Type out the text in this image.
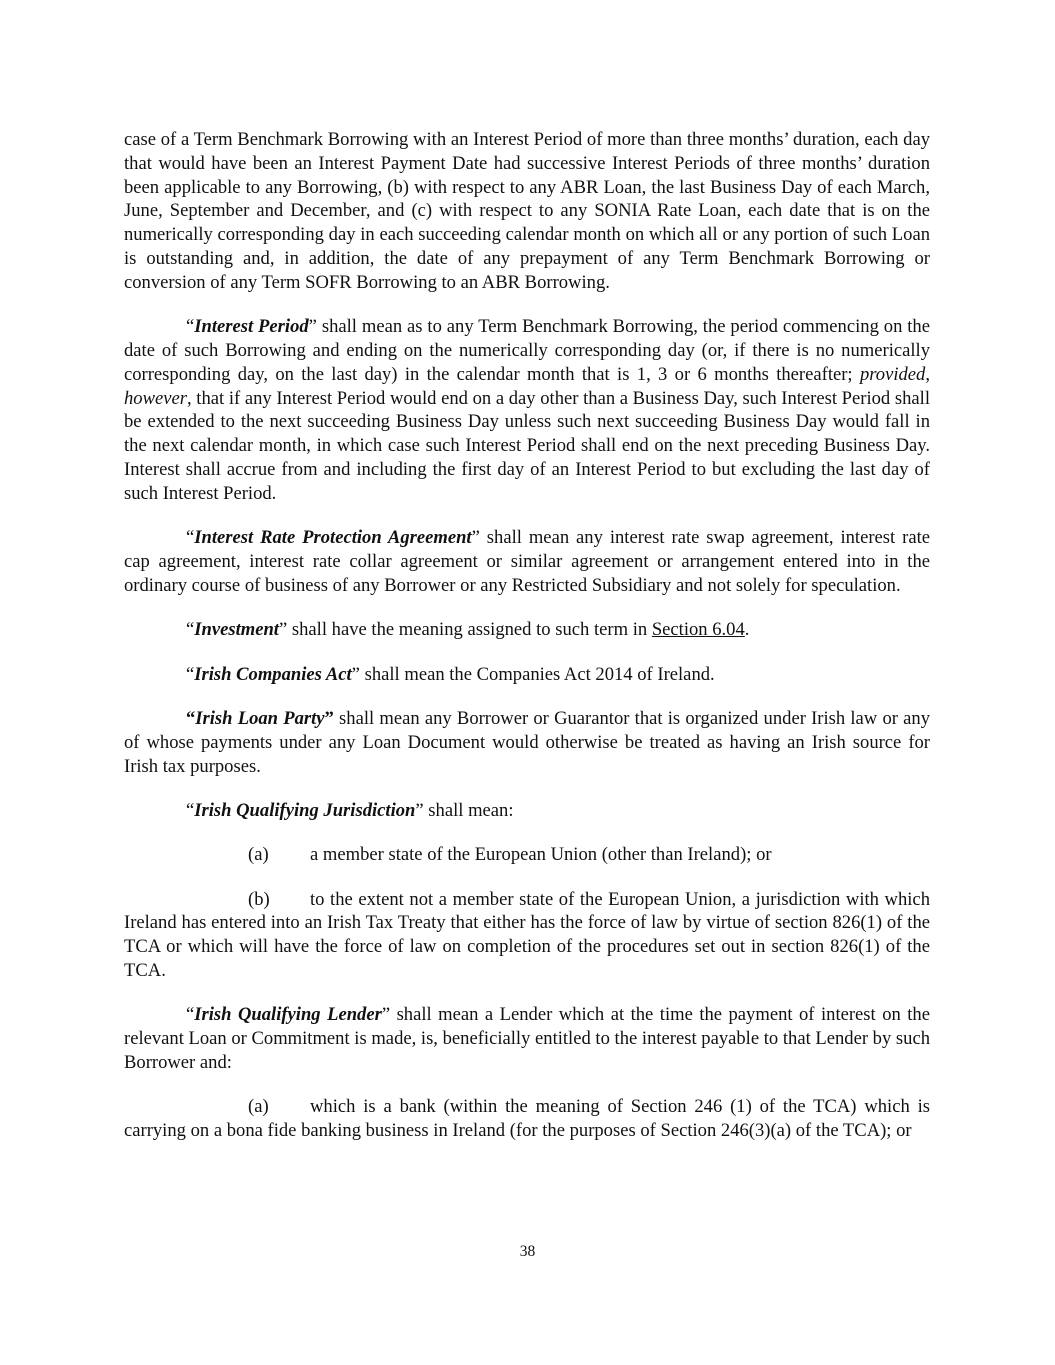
case of a Term Benchmark Borrowing with an Interest Period of more than three months’ duration, each day that would have been an Interest Payment Date had successive Interest Periods of three months’ duration been applicable to any Borrowing, (b) with respect to any ABR Loan, the last Business Day of each March, June, September and December, and (c) with respect to any SONIA Rate Loan, each date that is on the numerically corresponding day in each succeeding calendar month on which all or any portion of such Loan is outstanding and, in addition, the date of any prepayment of any Term Benchmark Borrowing or conversion of any Term SOFR Borrowing to an ABR Borrowing.

“Interest Period” shall mean as to any Term Benchmark Borrowing, the period commencing on the date of such Borrowing and ending on the numerically corresponding day (or, if there is no numerically corresponding day, on the last day) in the calendar month that is 1, 3 or 6 months thereafter; provided, however, that if any Interest Period would end on a day other than a Business Day, such Interest Period shall be extended to the next succeeding Business Day unless such next succeeding Business Day would fall in the next calendar month, in which case such Interest Period shall end on the next preceding Business Day. Interest shall accrue from and including the first day of an Interest Period to but excluding the last day of such Interest Period.

“Interest Rate Protection Agreement” shall mean any interest rate swap agreement, interest rate cap agreement, interest rate collar agreement or similar agreement or arrangement entered into in the ordinary course of business of any Borrower or any Restricted Subsidiary and not solely for speculation.

“Investment” shall have the meaning assigned to such term in Section 6.04.

“Irish Companies Act” shall mean the Companies Act 2014 of Ireland.

“Irish Loan Party” shall mean any Borrower or Guarantor that is organized under Irish law or any of whose payments under any Loan Document would otherwise be treated as having an Irish source for Irish tax purposes.

“Irish Qualifying Jurisdiction” shall mean:

(a) a member state of the European Union (other than Ireland); or

(b) to the extent not a member state of the European Union, a jurisdiction with which Ireland has entered into an Irish Tax Treaty that either has the force of law by virtue of section 826(1) of the TCA or which will have the force of law on completion of the procedures set out in section 826(1) of the TCA.

“Irish Qualifying Lender” shall mean a Lender which at the time the payment of interest on the relevant Loan or Commitment is made, is, beneficially entitled to the interest payable to that Lender by such Borrower and:

(a) which is a bank (within the meaning of Section 246 (1) of the TCA) which is carrying on a bona fide banking business in Ireland (for the purposes of Section 246(3)(a) of the TCA); or

38
